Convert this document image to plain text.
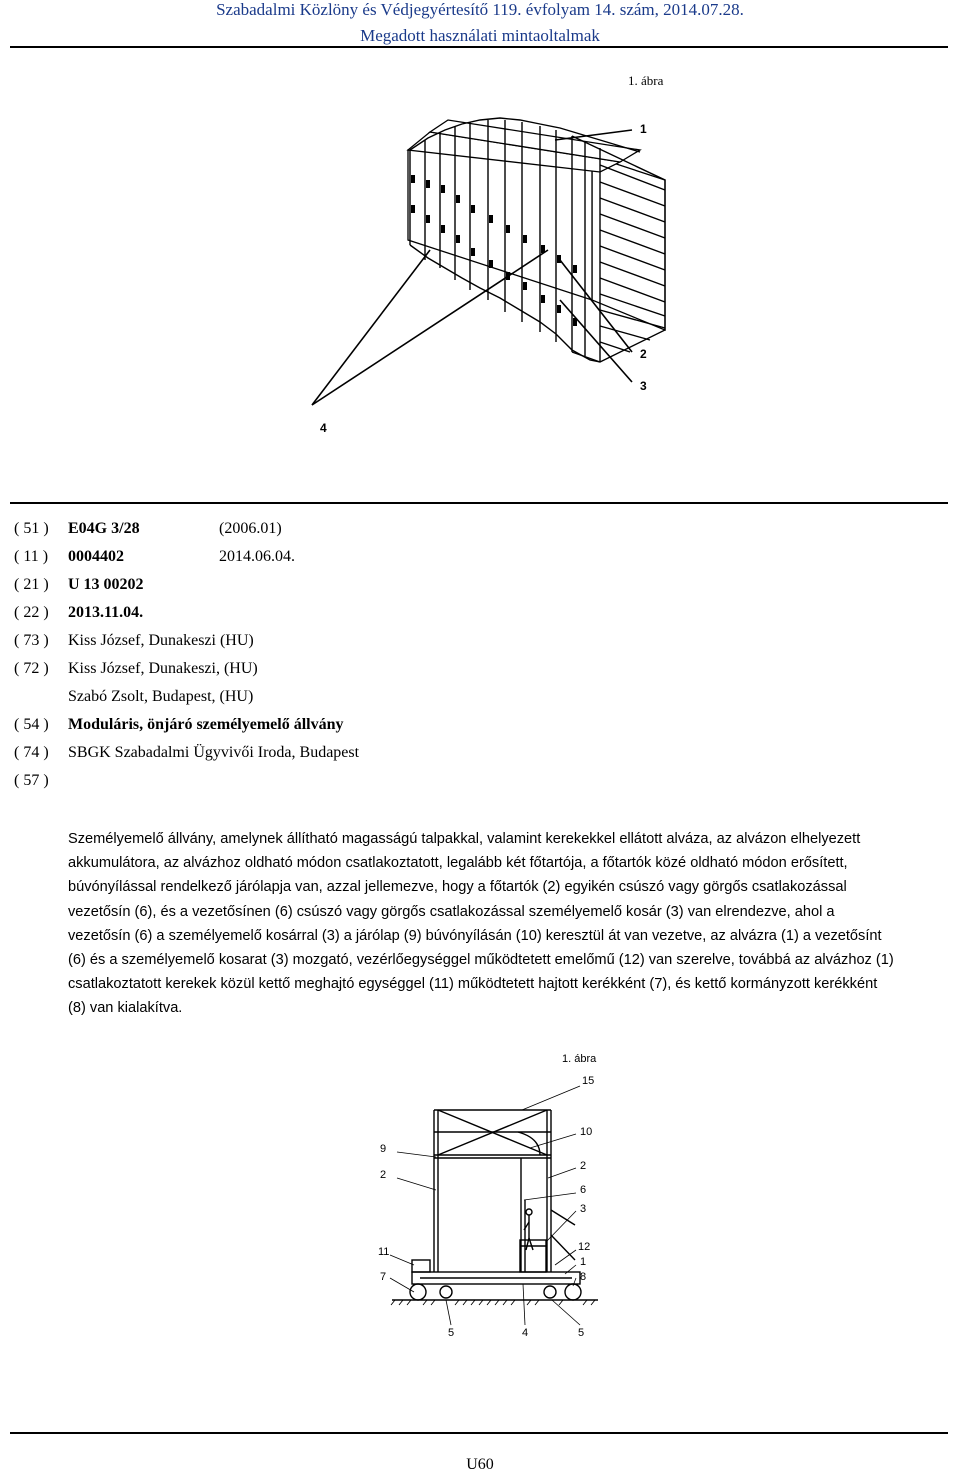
Szabadalmi Közlöny és Védjegyértesítő 119. évfolyam 14. szám, 2014.07.28.
Megadott használati mintaoltalmak
1. ábra
1
2
3
4
( 51 ) E04G 3/28	(2006.01)
( 11 ) 0004402	2014.06.04.
( 21 ) U 13 00202
( 22 ) 2013.11.04.
( 73 ) Kiss József, Dunakeszi (HU)
( 72 ) Kiss József, Dunakeszi, (HU)
Szabó Zsolt, Budapest, (HU)
( 54 ) Moduláris, önjáró személyemelő állvány
( 74 ) SBGK Szabadalmi Ügyvivői Iroda, Budapest
( 57 )
Személyemelő állvány, amelynek állítható magasságú talpakkal, valamint kerekekkel ellátott alváza, az alvázon elhelyezett akkumulátora, az alvázhoz oldható módon csatlakoztatott, legalább két főtartója, a főtartók közé oldható módon erősített, búvónyílással rendelkező járólapja van, azzal jellemezve, hogy a főtartók (2) egyikén csúszó vagy görgős csatlakozással vezetősín (6), és a vezetősínen (6) csúszó vagy görgős csatlakozással személyemelő kosár (3) van elrendezve, ahol a vezetősín (6) a személyemelő kosárral (3) a járólap (9) búvónyílásán (10) keresztül át van vezetve, az alvázra (1) a vezetősínt (6) és a személyemelő kosarat (3) mozgató, vezérlőegységgel működtetett emelőmű (12) van szerelve, továbbá az alvázhoz (1) csatlakoztatott kerekek közül kettő meghajtó egységgel (11) működtetett hajtott kerékként (7), és kettő kormányzott kerékként (8) van kialakítva.
1. ábra
15
10
9
2
2
6
3
12
1
8
11
7
5	4	5
U60
